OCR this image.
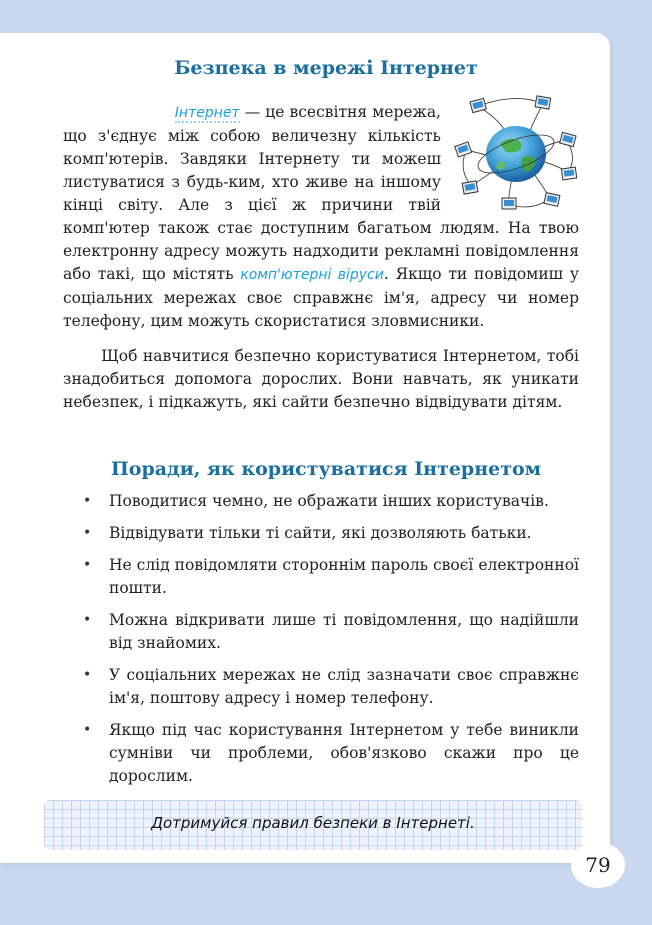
Безпека в мережі Інтернет

Інтернет — це всесвітня мережа, що з'єднує між собою величезну кількість комп'ютерів. Завдяки Інтернету ти можеш листуватися з будь-ким, хто живе на іншому кінці світу. Але з цієї ж причини твій комп'ютер також стає доступним багатьом людям. На твою електронну адресу можуть надходити рекламні повідомлення або такі, що містять комп'ютерні віруси. Якщо ти повідомиш у соціальних мережах своє справжнє ім'я, адресу чи номер телефону, цим можуть скористатися зловмисники.

Щоб навчитися безпечно користуватися Інтернетом, тобі знадобиться допомога дорослих. Вони навчать, як уникати небезпек, і підкажуть, які сайти безпечно відвідувати дітям.

Поради, як користуватися Інтернетом
•	Поводитися чемно, не ображати інших користувачів.
•	Відвідувати тільки ті сайти, які дозволяють батьки.
•	Не слід повідомляти стороннім пароль своєї електронної пошти.
•	Можна відкривати лише ті повідомлення, що надійшли від знайомих.
•	У соціальних мережах не слід зазначати своє справжнє ім'я, поштову адресу і номер телефону.
•	Якщо під час користування Інтернетом у тебе виникли сумніви чи проблеми, обов'язково скажи про це дорослим.
Дотримуйся правил безпеки в Інтернеті.
79
